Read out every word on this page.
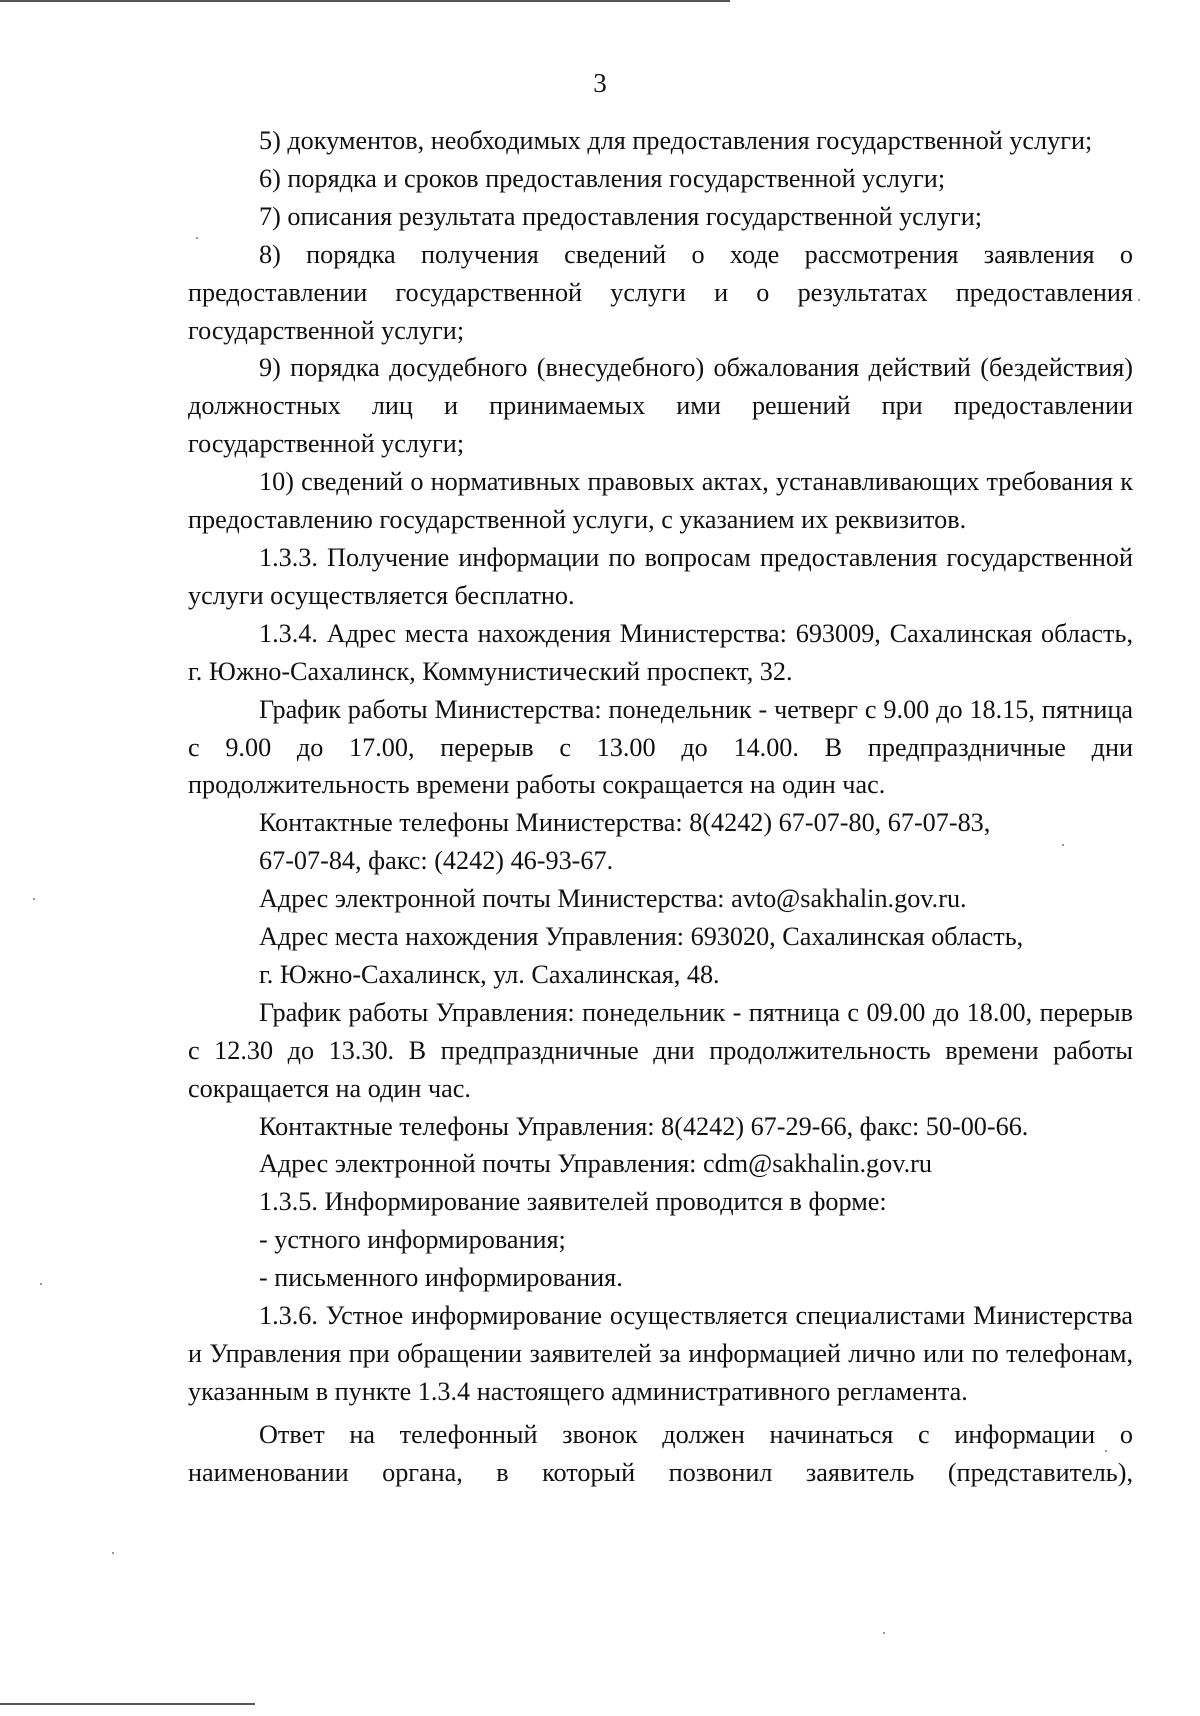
3

5) документов, необходимых для предоставления государственной услуги;

6) порядка и сроков предоставления государственной услуги;

7) описания результата предоставления государственной услуги;

8) порядка получения сведений о ходе рассмотрения заявления о предоставлении государственной услуги и о результатах предоставления государственной услуги;

9) порядка досудебного (внесудебного) обжалования действий (бездействия) должностных лиц и принимаемых ими решений при предоставлении государственной услуги;

10) сведений о нормативных правовых актах, устанавливающих требования к предоставлению государственной услуги, с указанием их реквизитов.

1.3.3. Получение информации по вопросам предоставления государственной услуги осуществляется бесплатно.

1.3.4. Адрес места нахождения Министерства: 693009, Сахалинская область, г. Южно-Сахалинск, Коммунистический проспект, 32.

График работы Министерства: понедельник - четверг с 9.00 до 18.15, пятница с 9.00 до 17.00, перерыв с 13.00 до 14.00. В предпраздничные дни продолжительность времени работы сокращается на один час.

Контактные телефоны Министерства: 8(4242) 67-07-80, 67-07-83,

67-07-84, факс: (4242) 46-93-67.

Адрес электронной почты Министерства: avto@sakhalin.gov.ru.

Адрес места нахождения Управления: 693020, Сахалинская область,

г. Южно-Сахалинск, ул. Сахалинская, 48.

График работы Управления: понедельник - пятница с 09.00 до 18.00, перерыв с 12.30 до 13.30. В предпраздничные дни продолжительность времени работы сокращается на один час.

Контактные телефоны Управления: 8(4242) 67-29-66, факс: 50-00-66.

Адрес электронной почты Управления: cdm@sakhalin.gov.ru

1.3.5. Информирование заявителей проводится в форме:

- устного информирования;

- письменного информирования.

1.3.6. Устное информирование осуществляется специалистами Министерства и Управления при обращении заявителей за информацией лично или по телефонам, указанным в пункте 1.3.4 настоящего административного регламента.

Ответ на телефонный звонок должен начинаться с информации о наименовании органа, в который позвонил заявитель (представитель),
